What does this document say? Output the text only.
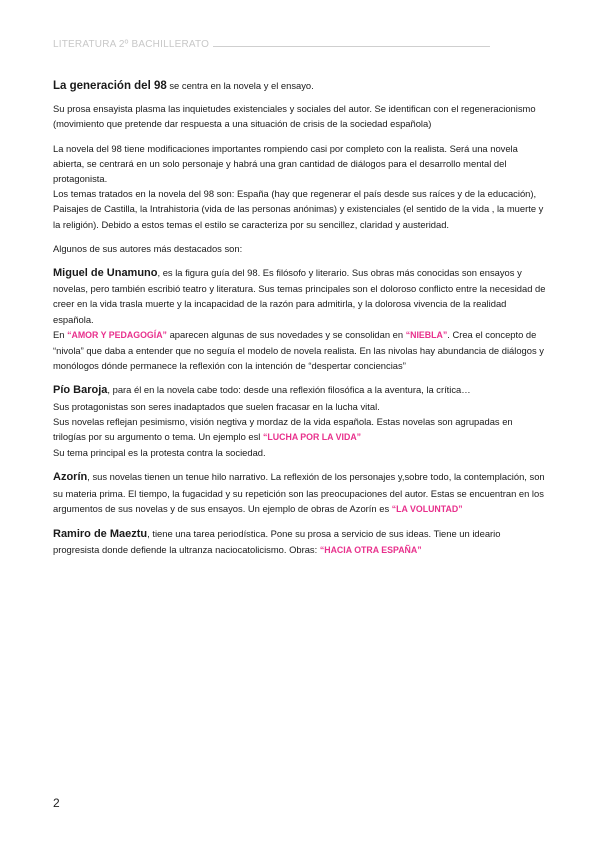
LITERATURA 2º BACHILLERATO

La generación del 98 se centra en la novela y el ensayo.

Su prosa ensayista plasma las inquietudes existenciales y sociales del autor. Se identifican con el regeneracionismo (movimiento que pretende dar respuesta a una situación de crisis de la sociedad española)

La novela del 98 tiene modificaciones importantes rompiendo casi por completo con la realista. Será una novela abierta, se centrará en un solo personaje y habrá una gran cantidad de diálogos para el desarrollo mental del protagonista.

Los temas tratados en la novela del 98 son: España (hay que regenerar el país desde sus raíces y de la educación), Paisajes de Castilla, la Intrahistoria (vida de las personas anónimas) y existenciales (el sentido de la vida , la muerte y la religión). Debido a estos temas el estilo se caracteriza por su sencillez, claridad y austeridad.

Algunos de sus autores más destacados son:

Miguel de Unamuno, es la figura guía del 98. Es filósofo y literario. Sus obras más conocidas son ensayos y novelas, pero también escribió teatro y literatura. Sus temas principales son el doloroso conflicto entre la necesidad de creer en la vida trasla muerte y la incapacidad de la razón para admitirla, y la dolorosa vivencia de la realidad española.

En “AMOR Y PEDAGOGÍA” aparecen algunas de sus novedades y se consolidan en “NIEBLA”. Crea el concepto de “nivola” que daba a entender que no seguía el modelo de novela realista. En las nivolas hay abundancia de diálogos y monólogos dónde permanece la reflexión con la intención de “despertar conciencias”

Pío Baroja, para él en la novela cabe todo: desde una reflexión filosófica a la aventura, la crítica…

Sus protagonistas son seres inadaptados que suelen fracasar en la lucha vital.

Sus novelas reflejan pesimismo, visión negtiva y mordaz de la vida española. Estas novelas son agrupadas en trilogías por su argumento o tema. Un ejemplo esl “LUCHA POR LA VIDA”

Su tema principal es la protesta contra la sociedad.

Azorín, sus novelas tienen un tenue hilo narrativo. La reflexión de los personajes y,sobre todo, la contemplación, son su materia prima. El tiempo, la fugacidad y su repetición son las preocupaciones del autor. Estas se encuentran en los argumentos de sus novelas y de sus ensayos. Un ejemplo de obras de Azorín es “LA VOLUNTAD”

Ramiro de Maeztu, tiene una tarea periodística. Pone su prosa a servicio de sus ideas. Tiene un ideario progresista donde defiende la ultranza naciocatolicismo. Obras: “HACIA OTRA ESPAÑA”

2
